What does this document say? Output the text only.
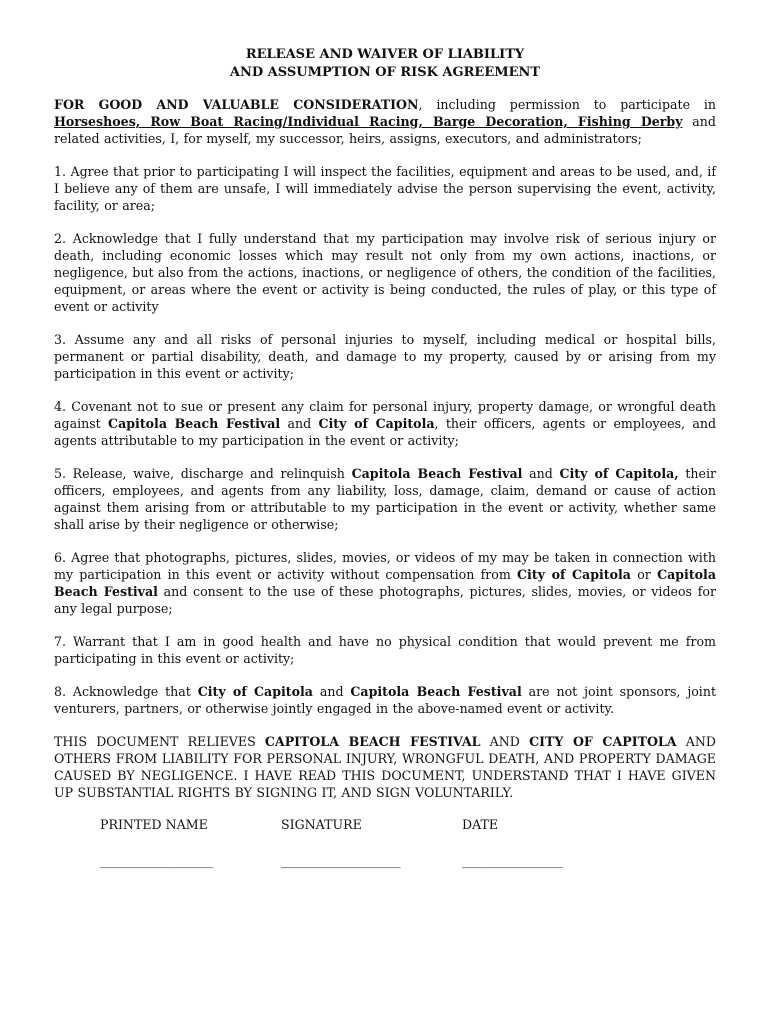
RELEASE AND WAIVER OF LIABILITY
AND ASSUMPTION OF RISK AGREEMENT

FOR GOOD AND VALUABLE CONSIDERATION, including permission to participate in Horseshoes, Row Boat Racing/Individual Racing, Barge Decoration, Fishing Derby and related activities, I, for myself, my successor, heirs, assigns, executors, and administrators;

1. Agree that prior to participating I will inspect the facilities, equipment and areas to be used, and, if I believe any of them are unsafe, I will immediately advise the person supervising the event, activity, facility, or area;

2. Acknowledge that I fully understand that my participation may involve risk of serious injury or death, including economic losses which may result not only from my own actions, inactions, or negligence, but also from the actions, inactions, or negligence of others, the condition of the facilities, equipment, or areas where the event or activity is being conducted, the rules of play, or this type of event or activity

3. Assume any and all risks of personal injuries to myself, including medical or hospital bills, permanent or partial disability, death, and damage to my property, caused by or arising from my participation in this event or activity;

4. Covenant not to sue or present any claim for personal injury, property damage, or wrongful death against Capitola Beach Festival and City of Capitola, their officers, agents or employees, and agents attributable to my participation in the event or activity;

5. Release, waive, discharge and relinquish Capitola Beach Festival and City of Capitola, their officers, employees, and agents from any liability, loss, damage, claim, demand or cause of action against them arising from or attributable to my participation in the event or activity, whether same shall arise by their negligence or otherwise;

6. Agree that photographs, pictures, slides, movies, or videos of my may be taken in connection with my participation in this event or activity without compensation from City of Capitola or Capitola Beach Festival and consent to the use of these photographs, pictures, slides, movies, or videos for any legal purpose;

7. Warrant that I am in good health and have no physical condition that would prevent me from participating in this event or activity;

8. Acknowledge that City of Capitola and Capitola Beach Festival are not joint sponsors, joint venturers, partners, or otherwise jointly engaged in the above-named event or activity.

THIS DOCUMENT RELIEVES CAPITOLA BEACH FESTIVAL AND CITY OF CAPITOLA AND OTHERS FROM LIABILITY FOR PERSONAL INJURY, WRONGFUL DEATH, AND PROPERTY DAMAGE CAUSED BY NEGLIGENCE. I HAVE READ THIS DOCUMENT, UNDERSTAND THAT I HAVE GIVEN UP SUBSTANTIAL RIGHTS BY SIGNING IT, AND SIGN VOLUNTARILY.

PRINTED NAME	SIGNATURE	DATE
__________________	___________________	________________
